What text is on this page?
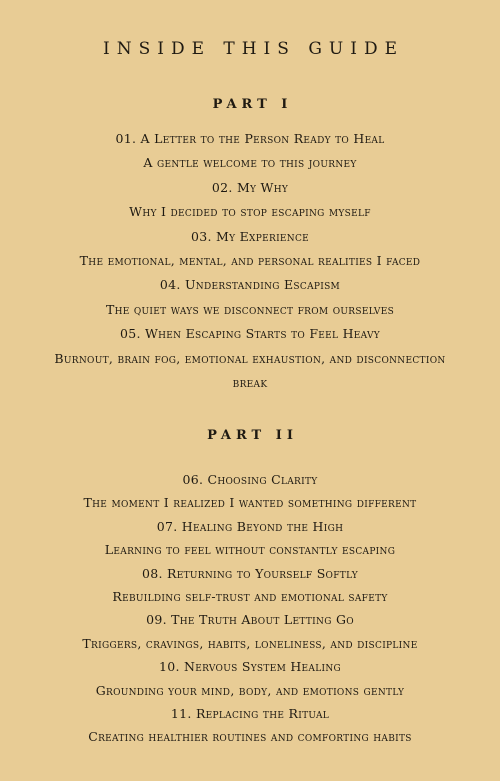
INSIDE THIS GUIDE
PART I
01. A Letter to the Person Ready to Heal
A gentle welcome to this journey
02. My Why
Why I decided to stop escaping myself
03. My Experience
The emotional, mental, and personal realities I faced
04. Understanding Escapism
The quiet ways we disconnect from ourselves
05. When Escaping Starts to Feel Heavy
Burnout, brain fog, emotional exhaustion, and disconnection
break
PART II
06. Choosing Clarity
The moment I realized I wanted something different
07. Healing Beyond the High
Learning to feel without constantly escaping
08. Returning to Yourself Softly
Rebuilding self-trust and emotional safety
09. The Truth About Letting Go
Triggers, cravings, habits, loneliness, and discipline
10. Nervous System Healing
Grounding your mind, body, and emotions gently
11. Replacing the Ritual
Creating healthier routines and comforting habits
